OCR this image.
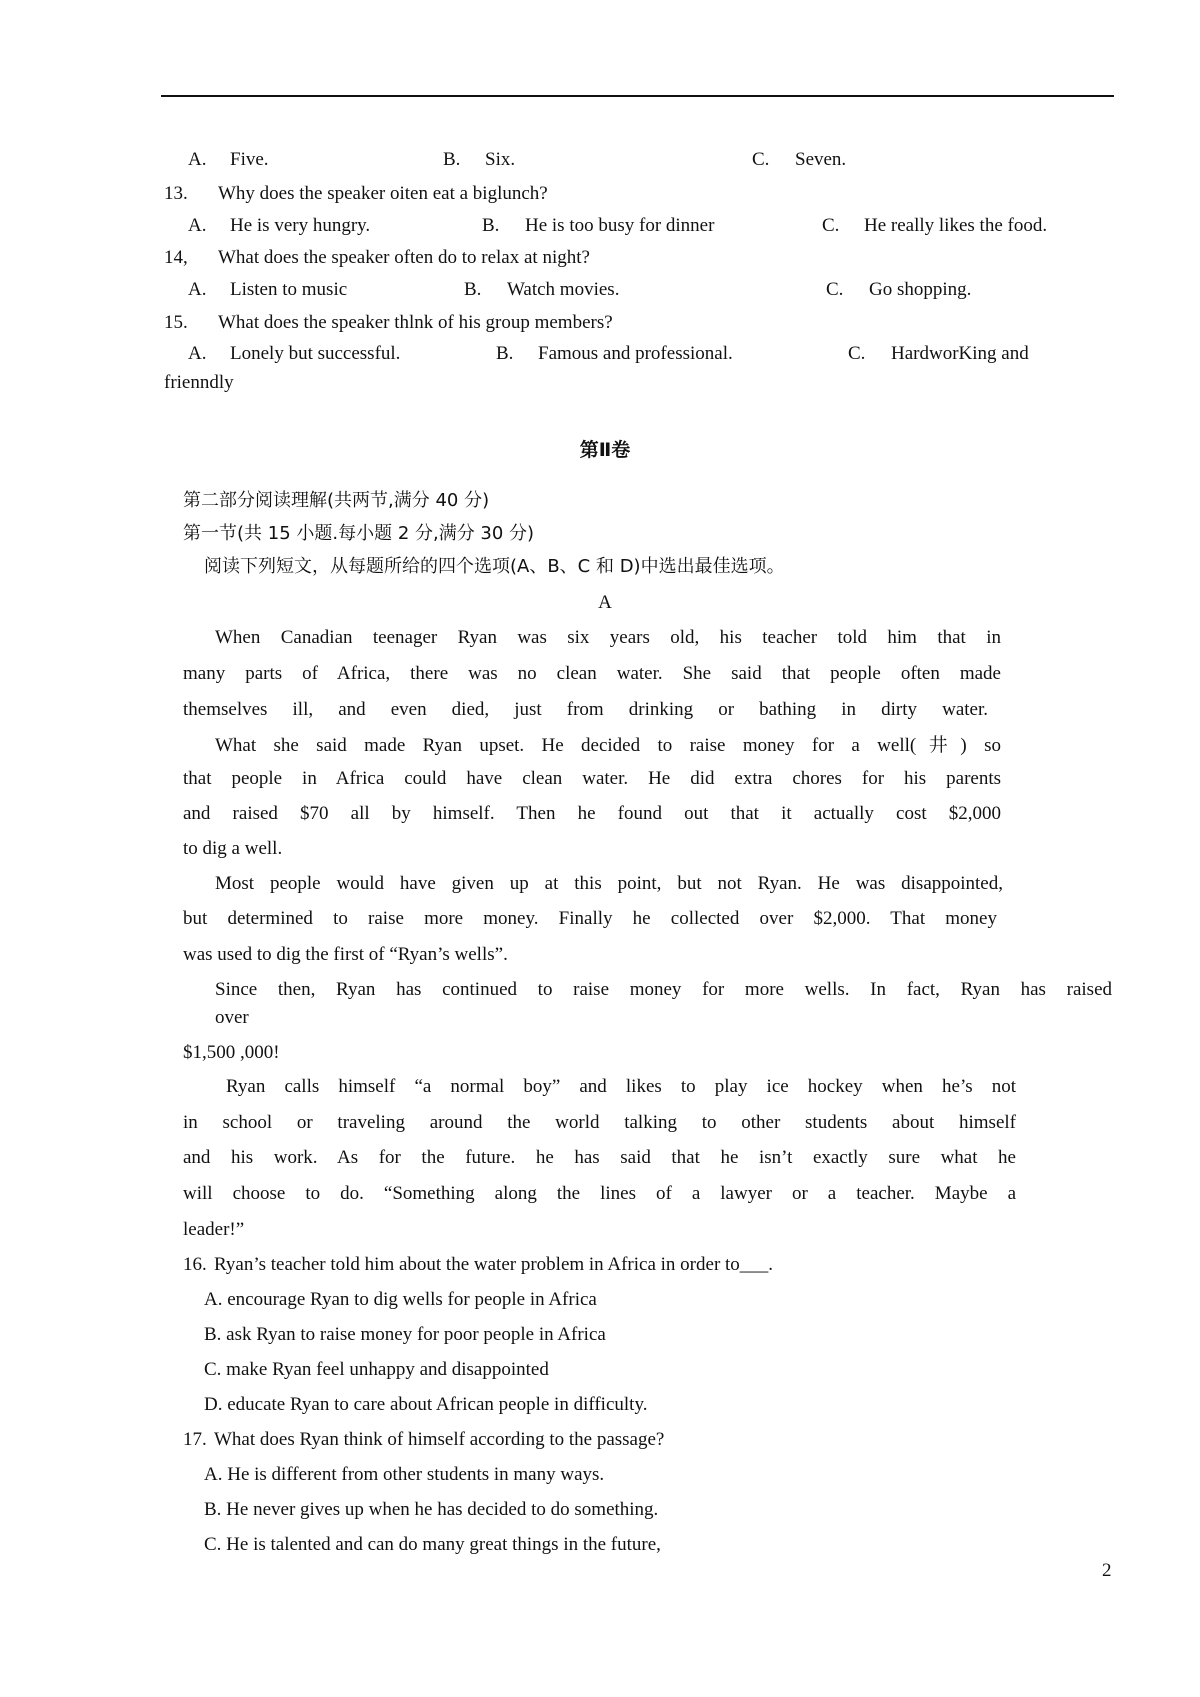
A. Five.	B. Six.	C. Seven.
13. Why does the speaker oiten eat a biglunch?
A. He is very hungry.	B. He is too busy for dinner	C. He really likes the food.
14, What does the speaker often do to relax at night?
A. Listen to music	B. Watch movies.	C. Go shopping.
15. What does the speaker thlnk of his group members?
A. Lonely but successful.	B. Famous and professional.	C. HardworKing and
frienndly
第Ⅱ卷
第二部分阅读理解(共两节,满分 40 分)
第一节(共 15 小题.每小题 2 分,满分 30 分)
阅读下列短文，从每题所给的四个选项(A、B、C 和 D)中选出最佳选项。
A
When Canadian teenager Ryan was six years old, his teacher told him that in
many parts of Africa, there was no clean water. She said that people often made
themselves ill, and even died, just from drinking or bathing in dirty water.
What she said made Ryan upset. He decided to raise money for a well(井) so
that people in Africa could have clean water. He did extra chores for his parents
and raised $70 all by himself. Then he found out that it actually cost $2,000
to dig a well.
Most people would have given up at this point, but not Ryan. He was disappointed,
but determined to raise more money. Finally he collected over $2,000. That money
was used to dig the first of “Ryan’s wells”.
Since then, Ryan has continued to raise money for more wells. In fact, Ryan has raised
over
$1,500 ,000!
Ryan calls himself “a normal boy” and likes to play ice hockey when he’s not
in school or traveling around the world talking to other students about himself
and his work. As for the future. he has said that he isn’t exactly sure what he
will choose to do. “Something along the lines of a lawyer or a teacher. Maybe a
leader!”
16. Ryan’s teacher told him about the water problem in Africa in order to___.
A. encourage Ryan to dig wells for people in Africa
B. ask Ryan to raise money for poor people in Africa
C. make Ryan feel unhappy and disappointed
D. educate Ryan to care about African people in difficulty.
17. What does Ryan think of himself according to the passage?
A. He is different from other students in many ways.
B. He never gives up when he has decided to do something.
C. He is talented and can do many great things in the future,
2
